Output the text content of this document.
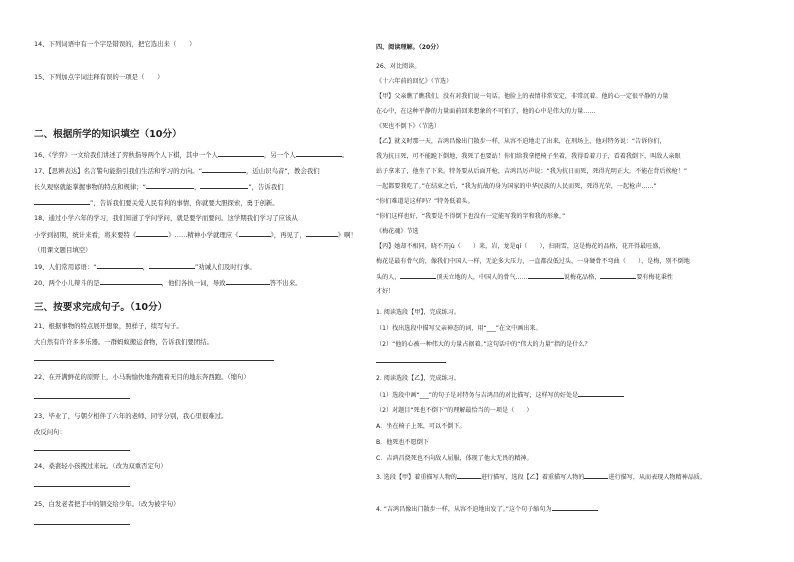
14、下列词语中有一个字是错误的，把它选出来（　　）
15、下列加点字词注释有误的一项是（　　）
二、根据所学的知识填空（10分）
16、《学弈》一文给我们讲述了弈秋指导两个人下棋，其中一个人	，另一个人	。
17、【思辨表达】名言警句能指引我们生活和学习的方向。“	，近山识鸟音”，教会我们
长久观察就能掌握事物的特点和规律；“	，	”，告诉我们
”，告诉我们要关爱人民有利的事情，你就要大胆探索，勇于创新。
18、通过小学六年的学习，我们知道了学问学问，就是要学而要问。这学期我们学习了应该从
小学到初期，统计来看，将来要特《	》……精神小学就理应《	》，再见了，	》啊！
（用课文题目填空）
19、人们常用谚语：“	，	”劝诫人们及时行事。
20、两个小儿辩斗的是	，他们各执一词，导致	答不出来。
三、按要求完成句子。（10分）
21、根据事物的特点展开想象，照样子，续写句子。
大自然有许许多多乐器。一群蚂蚁搬运食物，告诉我们要团结。
22、在开满鲜花的原野上，小马驹愉快地奔跑着无目的地东奔西跑。（缩句）
23、毕业了，与朝夕相伴了六年的老师、同学分别，我心里很难过。
改反问句：
24、桑葚轻小孩拽过来玩。（改为双重否定句）
25、白发老者把手中的钢交给少年。（改为被字句）
四、阅读理解。（20分）
26、对比阅读。
《十六年前的回忆》（节选）
【甲】父亲瞧了瞧我们，没有对我们说一句话。他脸上的表情非常安定，非常沉着。他的心一定很平静的力量
在心中，在这种平静的力量面前回来想象的不可怕了，他的心中是伟大的力量……
《死也不倒下》（节选）
【乙】就义时那一天，吉鸿昌像出门散步一样，从容不迫地走了出来，在刑场上，他对特务说：“告诉你们，
我为抗日死，可不能跪下倒地，我死了也要站！你们给我拿把椅子坐着，我得看着刀子，看着我倒下，叫敌人亲眼
站子拿来了，他坐了下来。特务要从后面开枪，吉鸿昌厉声说：“我为抗日而死，死得光明正大，不能在背后挨枪！”
一起都要我吃了。”在结束之后，“我为抗战的身为国家的中华民族的人民而死，死得光荣，一起枪声……”
“你们难道是这样吗？”特务低着头。
“你们这样也好，“我要是不得倒下也没有一定能写我的字和我的形象，”
《梅花魂》节选
【丙】她却不相同，晓不开jù（　　）来，岩，龙是qí（　　），扫雨雪，这是梅花的品格，花开得最旺盛，
梅花是最有骨气的，像我们中国人一样，无论多大压力，一直都没低过头，一身硬骨不弯曲（　　），是梅，别不倒地
头的人，	顶天立地的人，中国人的骨气……	说梅花品格，	要有梅花秉性
才好！
1. 阅读选段【甲】，完成练习。
（1）找出选段中描写父亲神态的词，用“___”在文中画出来。
（2）“他的心被一种伟大的力量占据着。”这句话中的“伟大的力量”指的是什么？
2. 阅读选段【乙】，完成练习。
（1）选段中画“___”的句子是对特务与吉鸿昌的对比描写，这样写的好处是
（2）对题目“死也不倒下”的理解最恰当的一项是（　　）
A．坐在椅子上死，可以不倒下。
B．他死也不愿倒下
C．吉鸿昌烧死也不向敌人屈服，体现了他大无畏的精神。
3. 选段【甲】着重描写人物的	进行描写，选段【乙】着重描写人物的	进行描写，从而表现人物精神品质。
4. “吉鸿昌像出门散步一样，从容不迫地出发了。”这个句子缩句为
